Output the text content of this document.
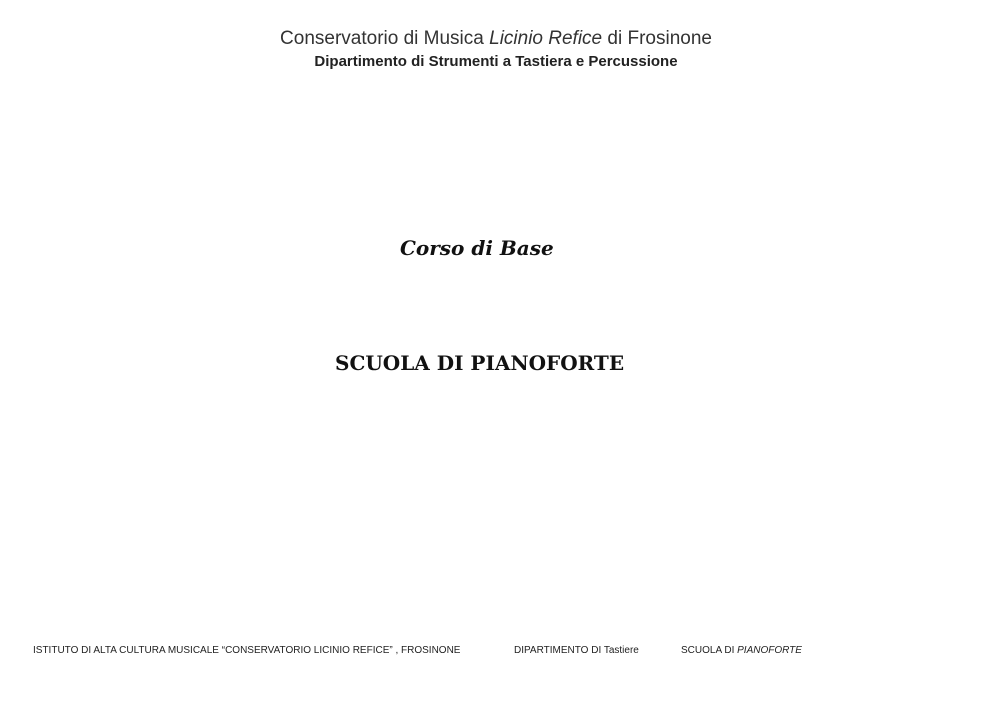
Conservatorio di Musica Licinio Refice di Frosinone
Dipartimento di Strumenti a Tastiera e Percussione
Corso di Base
SCUOLA DI PIANOFORTE
ISTITUTO DI ALTA CULTURA MUSICALE “CONSERVATORIO LICINIO REFICE” , FROSINONE	DIPARTIMENTO DI Tastiere	SCUOLA DI PIANOFORTE
